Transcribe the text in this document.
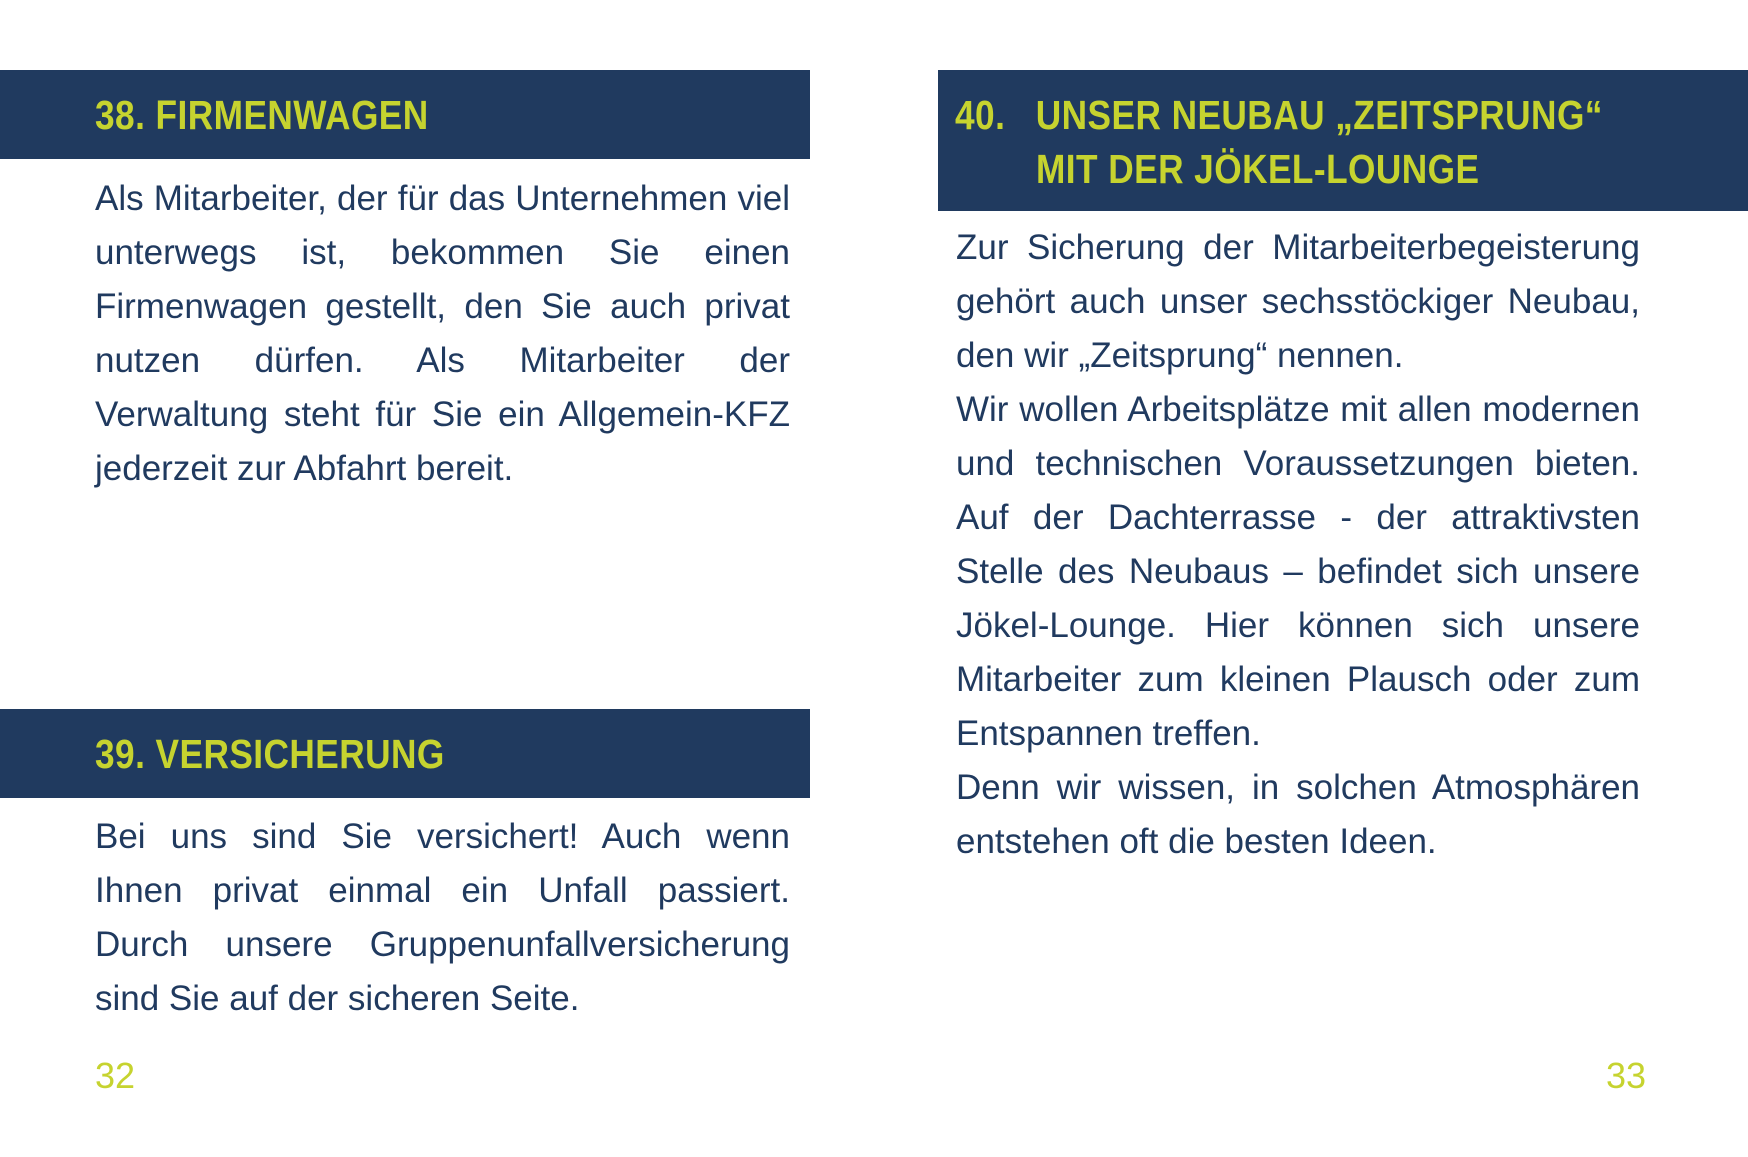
38. FIRMENWAGEN

Als Mitarbeiter, der für das Unternehmen viel unterwegs ist, bekommen Sie einen Firmenwagen gestellt, den Sie auch privat nutzen dürfen. Als Mitarbeiter der Verwaltung steht für Sie ein Allgemein-KFZ jederzeit zur Abfahrt bereit.

39. VERSICHERUNG

Bei uns sind Sie versichert! Auch wenn Ihnen privat einmal ein Unfall passiert. Durch unsere Gruppenunfallversicherung sind Sie auf der sicheren Seite.

32
40. UNSER NEUBAU „ZEITSPRUNG“
MIT DER JÖKEL-LOUNGE

Zur Sicherung der Mitarbeiterbegeisterung gehört auch unser sechsstöckiger Neubau, den wir „Zeitsprung“ nennen.

Wir wollen Arbeitsplätze mit allen modernen und technischen Voraussetzungen bieten. Auf der Dachterrasse - der attraktivsten Stelle des Neubaus – befindet sich unsere Jökel-Lounge. Hier können sich unsere Mitarbeiter zum kleinen Plausch oder zum Entspannen treffen.

Denn wir wissen, in solchen Atmosphären entstehen oft die besten Ideen.

33
